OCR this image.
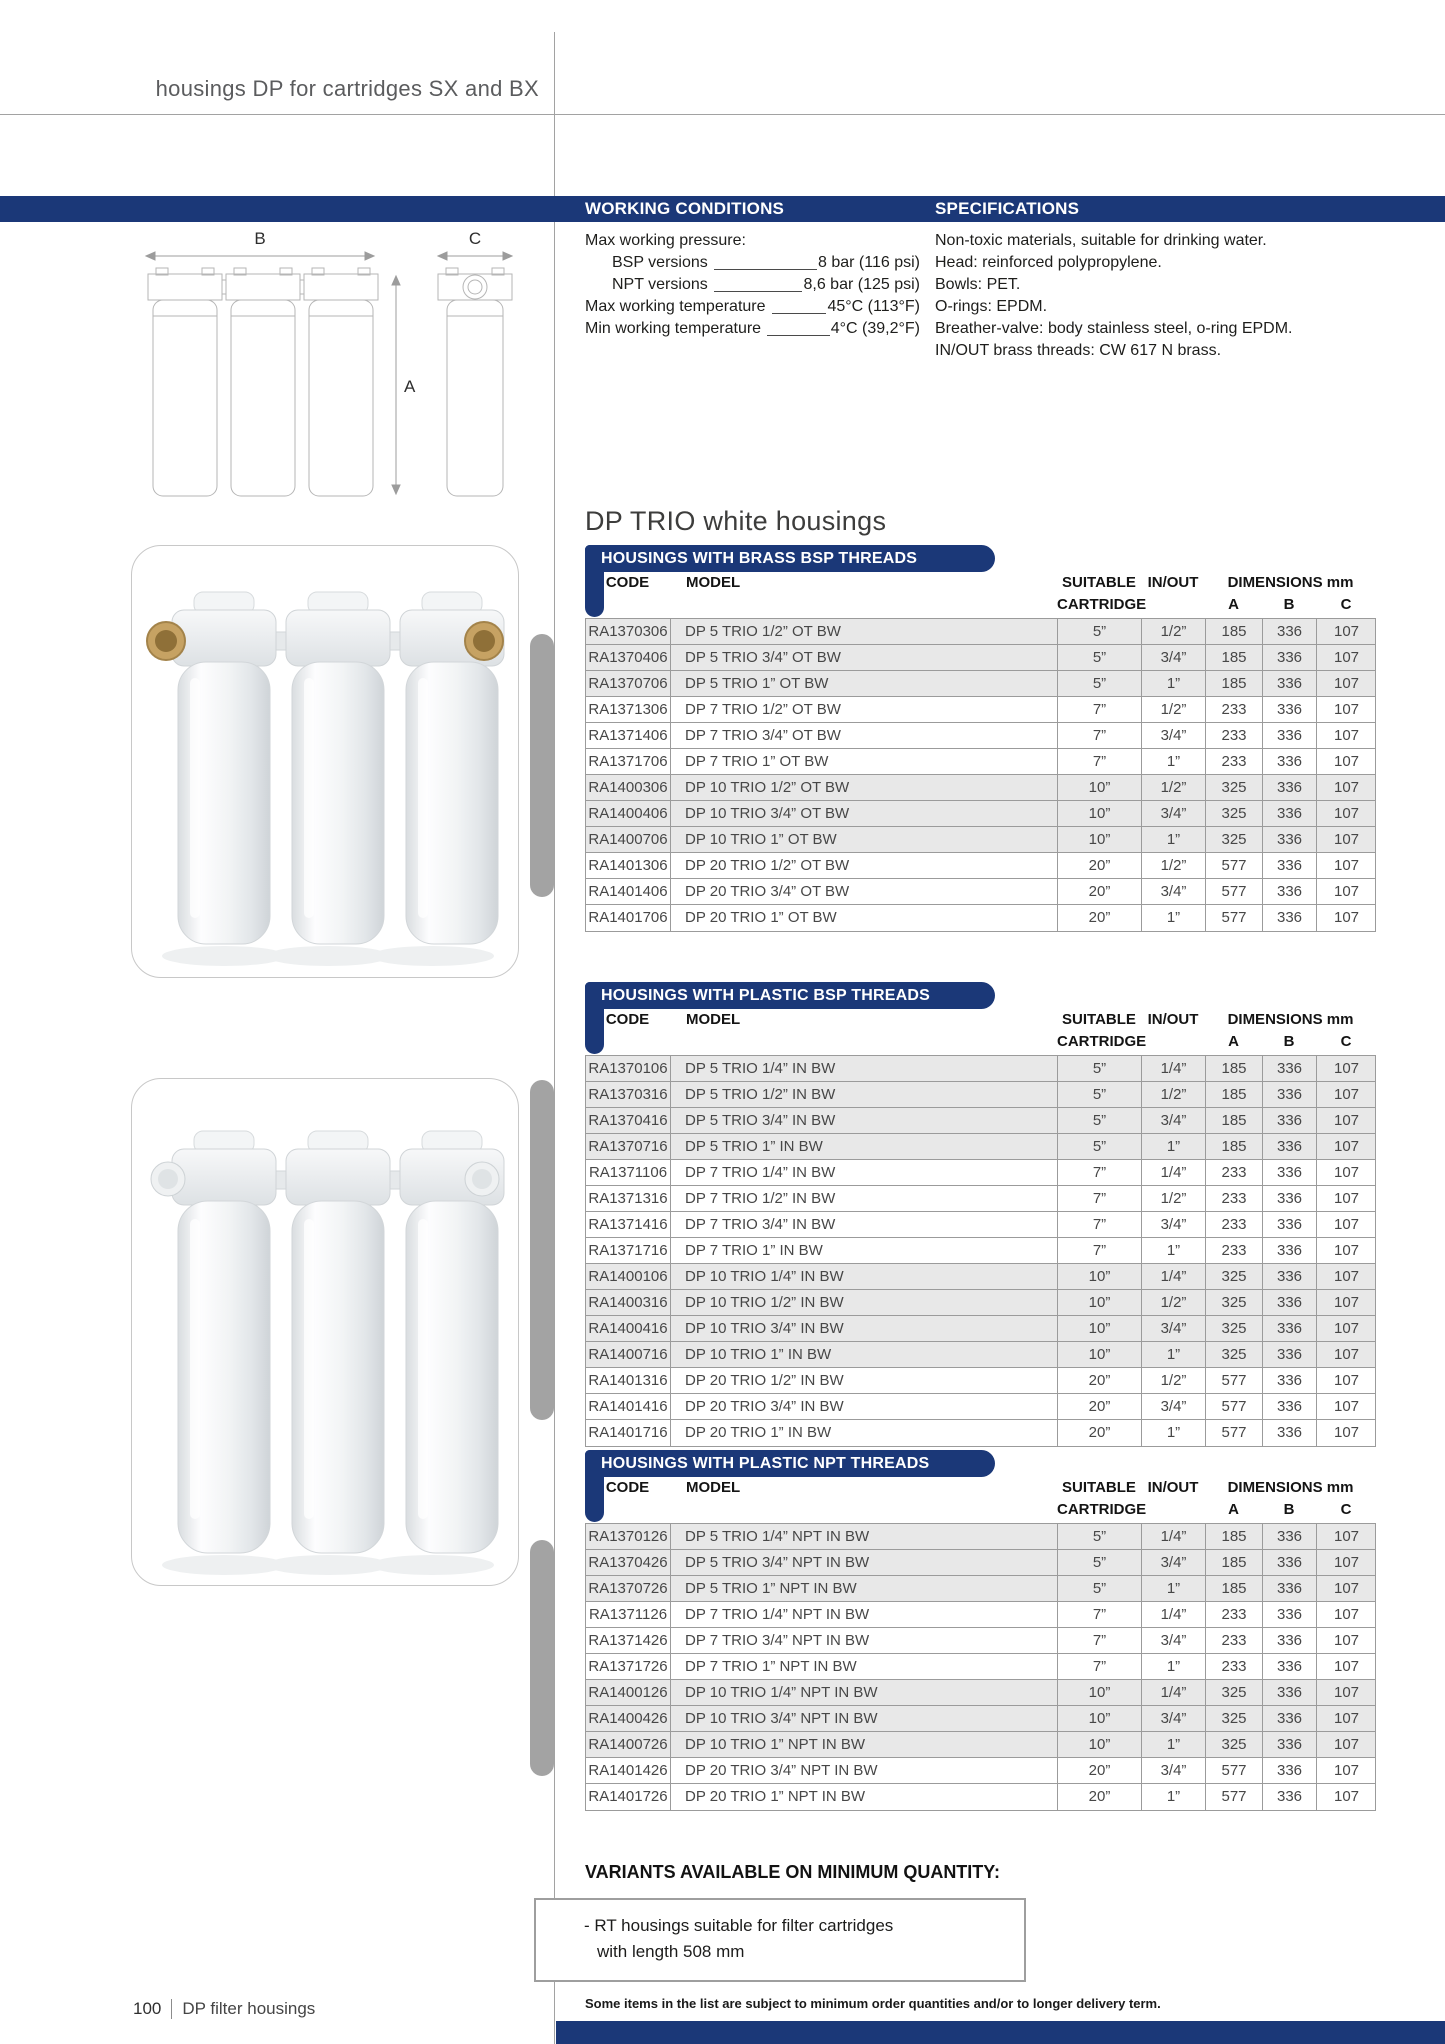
housings DP for cartridges SX and BX
WORKING CONDITIONS	SPECIFICATIONS
Max working pressure:
BSP versions	8 bar (116 psi)
NPT versions	8,6 bar (125 psi)
Max working temperature	45°C (113°F)
Min working temperature	4°C (39,2°F)
Non-toxic materials, suitable for drinking water.
Head: reinforced polypropylene.
Bowls: PET.
O-rings: EPDM.
Breather-valve: body stainless steel, o-ring EPDM.
IN/OUT brass threads: CW 617 N brass.
B	C
A
DP TRIO white housings
HOUSINGS WITH BRASS BSP THREADS
CODE	MODEL	SUITABLE IN/OUT	DIMENSIONS mm
CARTRIDGE	A	B	C
RA1370306	DP 5 TRIO 1/2” OT BW	5”	1/2”	185	336	107
RA1370406	DP 5 TRIO 3/4” OT BW	5”	3/4”	185	336	107
RA1370706	DP 5 TRIO 1” OT BW	5”	1”	185	336	107
RA1371306	DP 7 TRIO 1/2” OT BW	7”	1/2”	233	336	107
RA1371406	DP 7 TRIO 3/4” OT BW	7”	3/4”	233	336	107
RA1371706	DP 7 TRIO 1” OT BW	7”	1”	233	336	107
RA1400306	DP 10 TRIO 1/2” OT BW	10”	1/2”	325	336	107
RA1400406	DP 10 TRIO 3/4” OT BW	10”	3/4”	325	336	107
RA1400706	DP 10 TRIO 1” OT BW	10”	1”	325	336	107
RA1401306	DP 20 TRIO 1/2” OT BW	20”	1/2”	577	336	107
RA1401406	DP 20 TRIO 3/4” OT BW	20”	3/4”	577	336	107
RA1401706	DP 20 TRIO 1” OT BW	20”	1”	577	336	107
HOUSINGS WITH PLASTIC BSP THREADS
CODE	MODEL	SUITABLE IN/OUT	DIMENSIONS mm
CARTRIDGE	A	B	C
RA1370106	DP 5 TRIO 1/4” IN BW	5”	1/4”	185	336	107
RA1370316	DP 5 TRIO 1/2” IN BW	5”	1/2”	185	336	107
RA1370416	DP 5 TRIO 3/4” IN BW	5”	3/4”	185	336	107
RA1370716	DP 5 TRIO 1” IN BW	5”	1”	185	336	107
RA1371106	DP 7 TRIO 1/4” IN BW	7”	1/4”	233	336	107
RA1371316	DP 7 TRIO 1/2” IN BW	7”	1/2”	233	336	107
RA1371416	DP 7 TRIO 3/4” IN BW	7”	3/4”	233	336	107
RA1371716	DP 7 TRIO 1” IN BW	7”	1”	233	336	107
RA1400106	DP 10 TRIO 1/4” IN BW	10”	1/4”	325	336	107
RA1400316	DP 10 TRIO 1/2” IN BW	10”	1/2”	325	336	107
RA1400416	DP 10 TRIO 3/4” IN BW	10”	3/4”	325	336	107
RA1400716	DP 10 TRIO 1” IN BW	10”	1”	325	336	107
RA1401316	DP 20 TRIO 1/2” IN BW	20”	1/2”	577	336	107
RA1401416	DP 20 TRIO 3/4” IN BW	20”	3/4”	577	336	107
RA1401716	DP 20 TRIO 1” IN BW	20”	1”	577	336	107
HOUSINGS WITH PLASTIC NPT THREADS
CODE	MODEL	SUITABLE IN/OUT	DIMENSIONS mm
CARTRIDGE	A	B	C
RA1370126	DP 5 TRIO 1/4” NPT IN BW	5”	1/4”	185	336	107
RA1370426	DP 5 TRIO 3/4” NPT IN BW	5”	3/4”	185	336	107
RA1370726	DP 5 TRIO 1” NPT IN BW	5”	1”	185	336	107
RA1371126	DP 7 TRIO 1/4” NPT IN BW	7”	1/4”	233	336	107
RA1371426	DP 7 TRIO 3/4” NPT IN BW	7”	3/4”	233	336	107
RA1371726	DP 7 TRIO 1” NPT IN BW	7”	1”	233	336	107
RA1400126	DP 10 TRIO 1/4” NPT IN BW	10”	1/4”	325	336	107
RA1400426	DP 10 TRIO 3/4” NPT IN BW	10”	3/4”	325	336	107
RA1400726	DP 10 TRIO 1” NPT IN BW	10”	1”	325	336	107
RA1401426	DP 20 TRIO 3/4” NPT IN BW	20”	3/4”	577	336	107
RA1401726	DP 20 TRIO 1” NPT IN BW	20”	1”	577	336	107
VARIANTS AVAILABLE ON MINIMUM QUANTITY:
- RT housings suitable for filter cartridges
with length 508 mm
Some items in the list are subject to minimum order quantities and/or to longer delivery term.
100 DP filter housings
